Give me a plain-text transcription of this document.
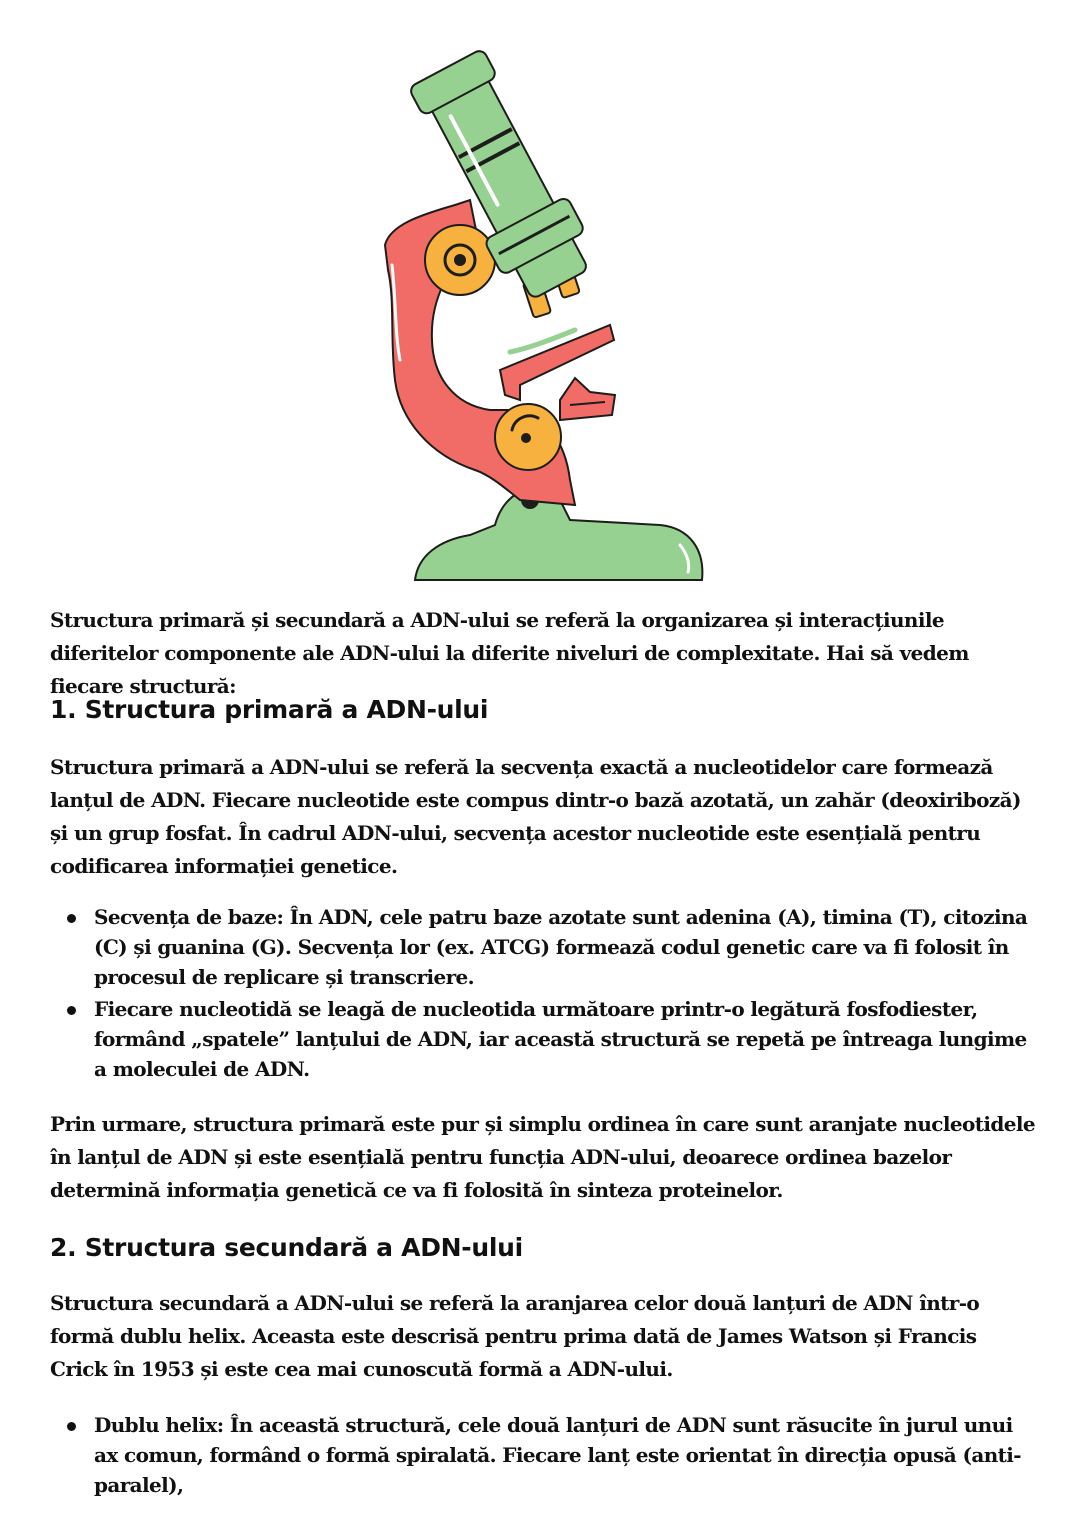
Structura primară și secundară a ADN-ului se referă la organizarea și interacțiunile diferitelor componente ale ADN-ului la diferite niveluri de complexitate. Hai să vedem fiecare structură:

1. Structura primară a ADN-ului

Structura primară a ADN-ului se referă la secvența exactă a nucleotidelor care formează lanțul de ADN. Fiecare nucleotide este compus dintr-o bază azotată, un zahăr (deoxiriboză) și un grup fosfat. În cadrul ADN-ului, secvența acestor nucleotide este esențială pentru codificarea informației genetice.

Secvența de baze: În ADN, cele patru baze azotate sunt adenina (A), timina (T), citozina (C) și guanina (G). Secvența lor (ex. ATCG) formează codul genetic care va fi folosit în procesul de replicare și transcriere.
Fiecare nucleotidă se leagă de nucleotida următoare printr-o legătură fosfodiester, formând „spatele” lanțului de ADN, iar această structură se repetă pe întreaga lungime a moleculei de ADN.

Prin urmare, structura primară este pur și simplu ordinea în care sunt aranjate nucleotidele în lanțul de ADN și este esențială pentru funcția ADN-ului, deoarece ordinea bazelor determină informația genetică ce va fi folosită în sinteza proteinelor.

2. Structura secundară a ADN-ului

Structura secundară a ADN-ului se referă la aranjarea celor două lanțuri de ADN într-o formă dublu helix. Aceasta este descrisă pentru prima dată de James Watson și Francis Crick în 1953 și este cea mai cunoscută formă a ADN-ului.

Dublu helix: În această structură, cele două lanțuri de ADN sunt răsucite în jurul unui ax comun, formând o formă spiralată. Fiecare lanț este orientat în direcția opusă (anti-paralel),
